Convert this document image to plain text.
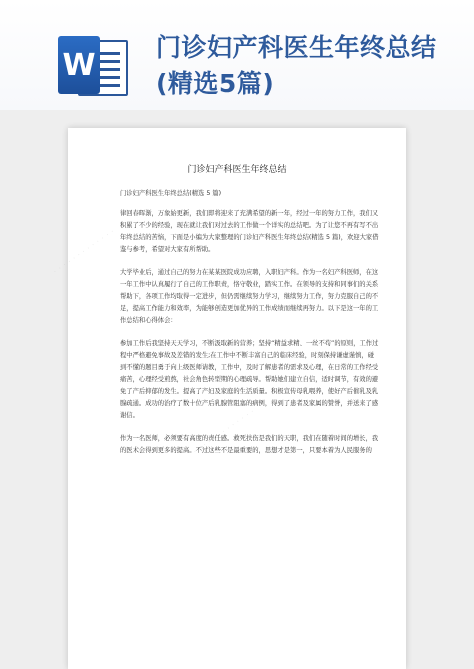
W 门诊妇产科医生年终总结(精选5篇)
· · · · · · · · · · · · ·
· · · · · · · · · · · · ·
门诊妇产科医生年终总结

门诊妇产科医生年终总结(精选 5 篇)

律回春晖渐，万象始更新，我们即将迎来了充满希望的新一年，经过一年的努力工作，我们又积累了不少的经验，现在就让我们对过去的工作做一个详实的总结吧。为了让您不再有写不出年终总结的苦恼，下面是小编为大家整理的门诊妇产科医生年终总结(精选 5 篇)，欢迎大家借鉴与参考，希望对大家有所帮助。

大学毕业后，通过自己的努力在某某医院成功应聘，入职妇产科。作为一名妇产科医师，在这一年工作中认真履行了自己的工作职责，恪守敬业，踏实工作。在领导的支持和同事们的关系帮助下，各项工作均取得一定进步，但仍需继续努力学习，继续努力工作，努力克服自己的不足，提高工作能力和效率，为能够创造更加优异的工作成绩而继续再努力。以下是这一年的工作总结和心得体会：

参加工作后我坚持天天学习，不断汲取新的营养；坚持“精益求精、一丝不苟”的原则，工作过程中严格避免事故及差错的发生;在工作中不断丰富自己的临床经验，时刻保持谦虚谨慎，碰到不懂的题目勇于向上级医师请教，工作中，及时了解患者的需求及心理，在日常的工作经受痛苦，心理经受煎熬，社会角色转型期的心理疏导。帮助她们建立自信，适时调节，有效的避免了产后抑郁的发生。提高了产妇及家庭的生活质量。积极宣传母乳喂养，使好产后催乳及乳腺疏通。成功的治疗了数十位产后乳腺管阻塞的病例，得到了患者及家属的赞誉，并送来了感谢信。

作为一名医师，必须要有高度的责任感。救死扶伤是我们的天职，我们在随着时间的增长，我的医术会得到更多的提高。不过这些不是最重要的，思想才是第一，只要本着为人民服务的
